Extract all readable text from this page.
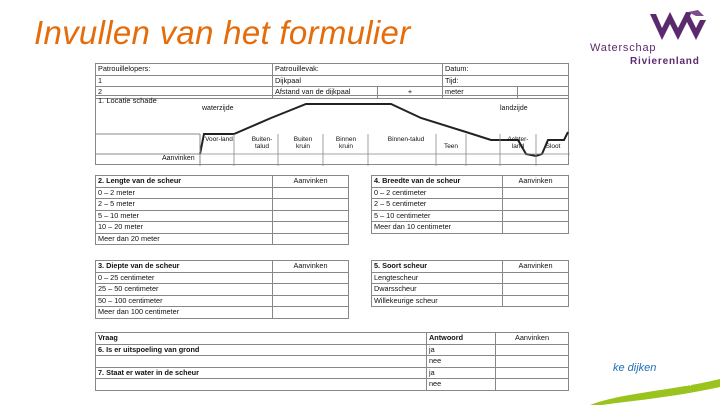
Invullen van het formulier	Waterschap
Rivierenland
Patrouillelopers:	Patrouillevak:		Datum:	
1	Dijkpaal		Tijd:	
2	Afstand van de dijkpaal	+	meter	
1. Locatie schade
waterzijde	landzijde
Voor-land	Buiten-talud
Buiten kruin
Binnen kruin
Binnen-talud
Teen
Achter-land	Sloot
Aanvinken
2. Lengte van de scheur	Aanvinken
0 – 2 meter	
2 – 5 meter	
5 – 10 meter	
10 – 20 meter	
Meer dan 20 meter	
4. Breedte van de scheur	Aanvinken
0 – 2 centimeter	
2 – 5 centimeter	
5 – 10 centimeter	
Meer dan 10 centimeter	
3. Diepte van de scheur	Aanvinken
0 – 25 centimeter	
25 – 50 centimeter	
50 – 100 centimeter	
Meer dan 100 centimeter	
5. Soort scheur	Aanvinken
Lengtescheur	
Dwarsscheur	
Willekeurige scheur	
Vraag	Antwoord	Aanvinken
6. Is er uitspoeling van grond	ja	
	nee	
7. Staat er water in de scheur	ja	
	nee	
ke dijken
schoon water
